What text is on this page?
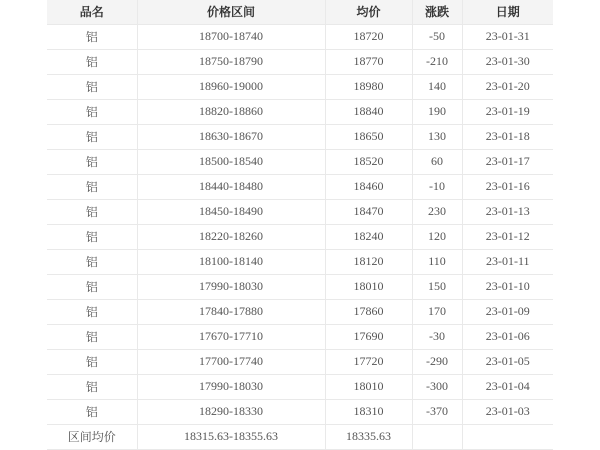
品名	价格区间	均价	涨跌	日期
铝	18700-18740	18720	-50	23-01-31
铝	18750-18790	18770	-210	23-01-30
铝	18960-19000	18980	140	23-01-20
铝	18820-18860	18840	190	23-01-19
铝	18630-18670	18650	130	23-01-18
铝	18500-18540	18520	60	23-01-17
铝	18440-18480	18460	-10	23-01-16
铝	18450-18490	18470	230	23-01-13
铝	18220-18260	18240	120	23-01-12
铝	18100-18140	18120	110	23-01-11
铝	17990-18030	18010	150	23-01-10
铝	17840-17880	17860	170	23-01-09
铝	17670-17710	17690	-30	23-01-06
铝	17700-17740	17720	-290	23-01-05
铝	17990-18030	18010	-300	23-01-04
铝	18290-18330	18310	-370	23-01-03
区间均价	18315.63-18355.63	18335.63		
